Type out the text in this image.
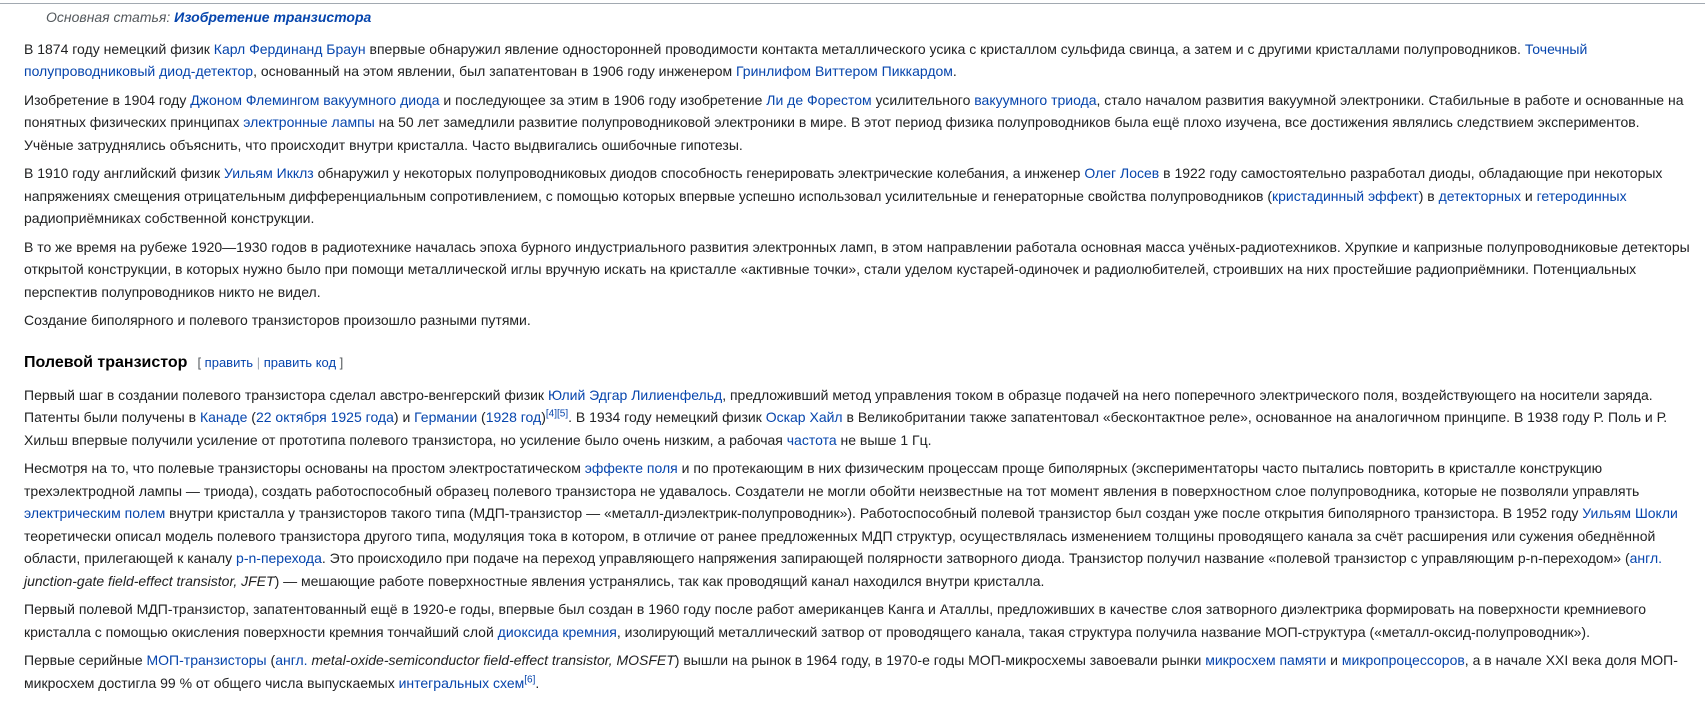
Основная статья: Изобретение транзистора

В 1874 году немецкий физик Карл Фердинанд Браун впервые обнаружил явление односторонней проводимости контакта металлического усика с кристаллом сульфида свинца, а затем и с другими кристаллами полупроводников. Точечный полупроводниковый диод-детектор, основанный на этом явлении, был запатентован в 1906 году инженером Гринлифом Виттером Пиккардом.

Изобретение в 1904 году Джоном Флемингом вакуумного диода и последующее за этим в 1906 году изобретение Ли де Форестом усилительного вакуумного триода, стало началом развития вакуумной электроники. Стабильные в работе и основанные на понятных физических принципах электронные лампы на 50 лет замедлили развитие полупроводниковой электроники в мире. В этот период физика полупроводников была ещё плохо изучена, все достижения являлись следствием экспериментов. Учёные затруднялись объяснить, что происходит внутри кристалла. Часто выдвигались ошибочные гипотезы.

В 1910 году английский физик Уильям Икклз обнаружил у некоторых полупроводниковых диодов способность генерировать электрические колебания, а инженер Олег Лосев в 1922 году самостоятельно разработал диоды, обладающие при некоторых напряжениях смещения отрицательным дифференциальным сопротивлением, с помощью которых впервые успешно использовал усилительные и генераторные свойства полупроводников (кристадинный эффект) в детекторных и гетеродинных радиоприёмниках собственной конструкции.

В то же время на рубеже 1920—1930 годов в радиотехнике началась эпоха бурного индустриального развития электронных ламп, в этом направлении работала основная масса учёных-радиотехников. Хрупкие и капризные полупроводниковые детекторы открытой конструкции, в которых нужно было при помощи металлической иглы вручную искать на кристалле «активные точки», стали уделом кустарей-одиночек и радиолюбителей, строивших на них простейшие радиоприёмники. Потенциальных перспектив полупроводников никто не видел.

Создание биполярного и полевого транзисторов произошло разными путями.

Полевой транзистор [ править | править код ]

Первый шаг в создании полевого транзистора сделал австро-венгерский физик Юлий Эдгар Лилиенфельд, предложивший метод управления током в образце подачей на него поперечного электрического поля, воздействующего на носители заряда. Патенты были получены в Канаде (22 октября 1925 года) и Германии (1928 год)[4][5]. В 1934 году немецкий физик Оскар Хайл в Великобритании также запатентовал «бесконтактное реле», основанное на аналогичном принципе. В 1938 году Р. Поль и Р. Хильш впервые получили усиление от прототипа полевого транзистора, но усиление было очень низким, а рабочая частота не выше 1 Гц.

Несмотря на то, что полевые транзисторы основаны на простом электростатическом эффекте поля и по протекающим в них физическим процессам проще биполярных (экспериментаторы часто пытались повторить в кристалле конструкцию трехэлектродной лампы — триода), создать работоспособный образец полевого транзистора не удавалось. Создатели не могли обойти неизвестные на тот момент явления в поверхностном слое полупроводника, которые не позволяли управлять электрическим полем внутри кристалла у транзисторов такого типа (МДП-транзистор — «металл-диэлектрик-полупроводник»). Работоспособный полевой транзистор был создан уже после открытия биполярного транзистора. В 1952 году Уильям Шокли теоретически описал модель полевого транзистора другого типа, модуляция тока в котором, в отличие от ранее предложенных МДП структур, осуществлялась изменением толщины проводящего канала за счёт расширения или сужения обеднённой области, прилегающей к каналу p-n-перехода. Это происходило при подаче на переход управляющего напряжения запирающей полярности затворного диода. Транзистор получил название «полевой транзистор с управляющим p-n-переходом» (англ. junction-gate field-effect transistor, JFET) — мешающие работе поверхностные явления устранялись, так как проводящий канал находился внутри кристалла.

Первый полевой МДП-транзистор, запатентованный ещё в 1920-е годы, впервые был создан в 1960 году после работ американцев Канга и Аталлы, предложивших в качестве слоя затворного диэлектрика формировать на поверхности кремниевого кристалла с помощью окисления поверхности кремния тончайший слой диоксида кремния, изолирующий металлический затвор от проводящего канала, такая структура получила название МОП-структура («металл-оксид-полупроводник»).

Первые серийные МОП-транзисторы (англ. metal-oxide-semiconductor field-effect transistor, MOSFET) вышли на рынок в 1964 году, в 1970-е годы МОП-микросхемы завоевали рынки микросхем памяти и микропроцессоров, а в начале XXI века доля МОП-микросхем достигла 99 % от общего числа выпускаемых интегральных схем[6].
